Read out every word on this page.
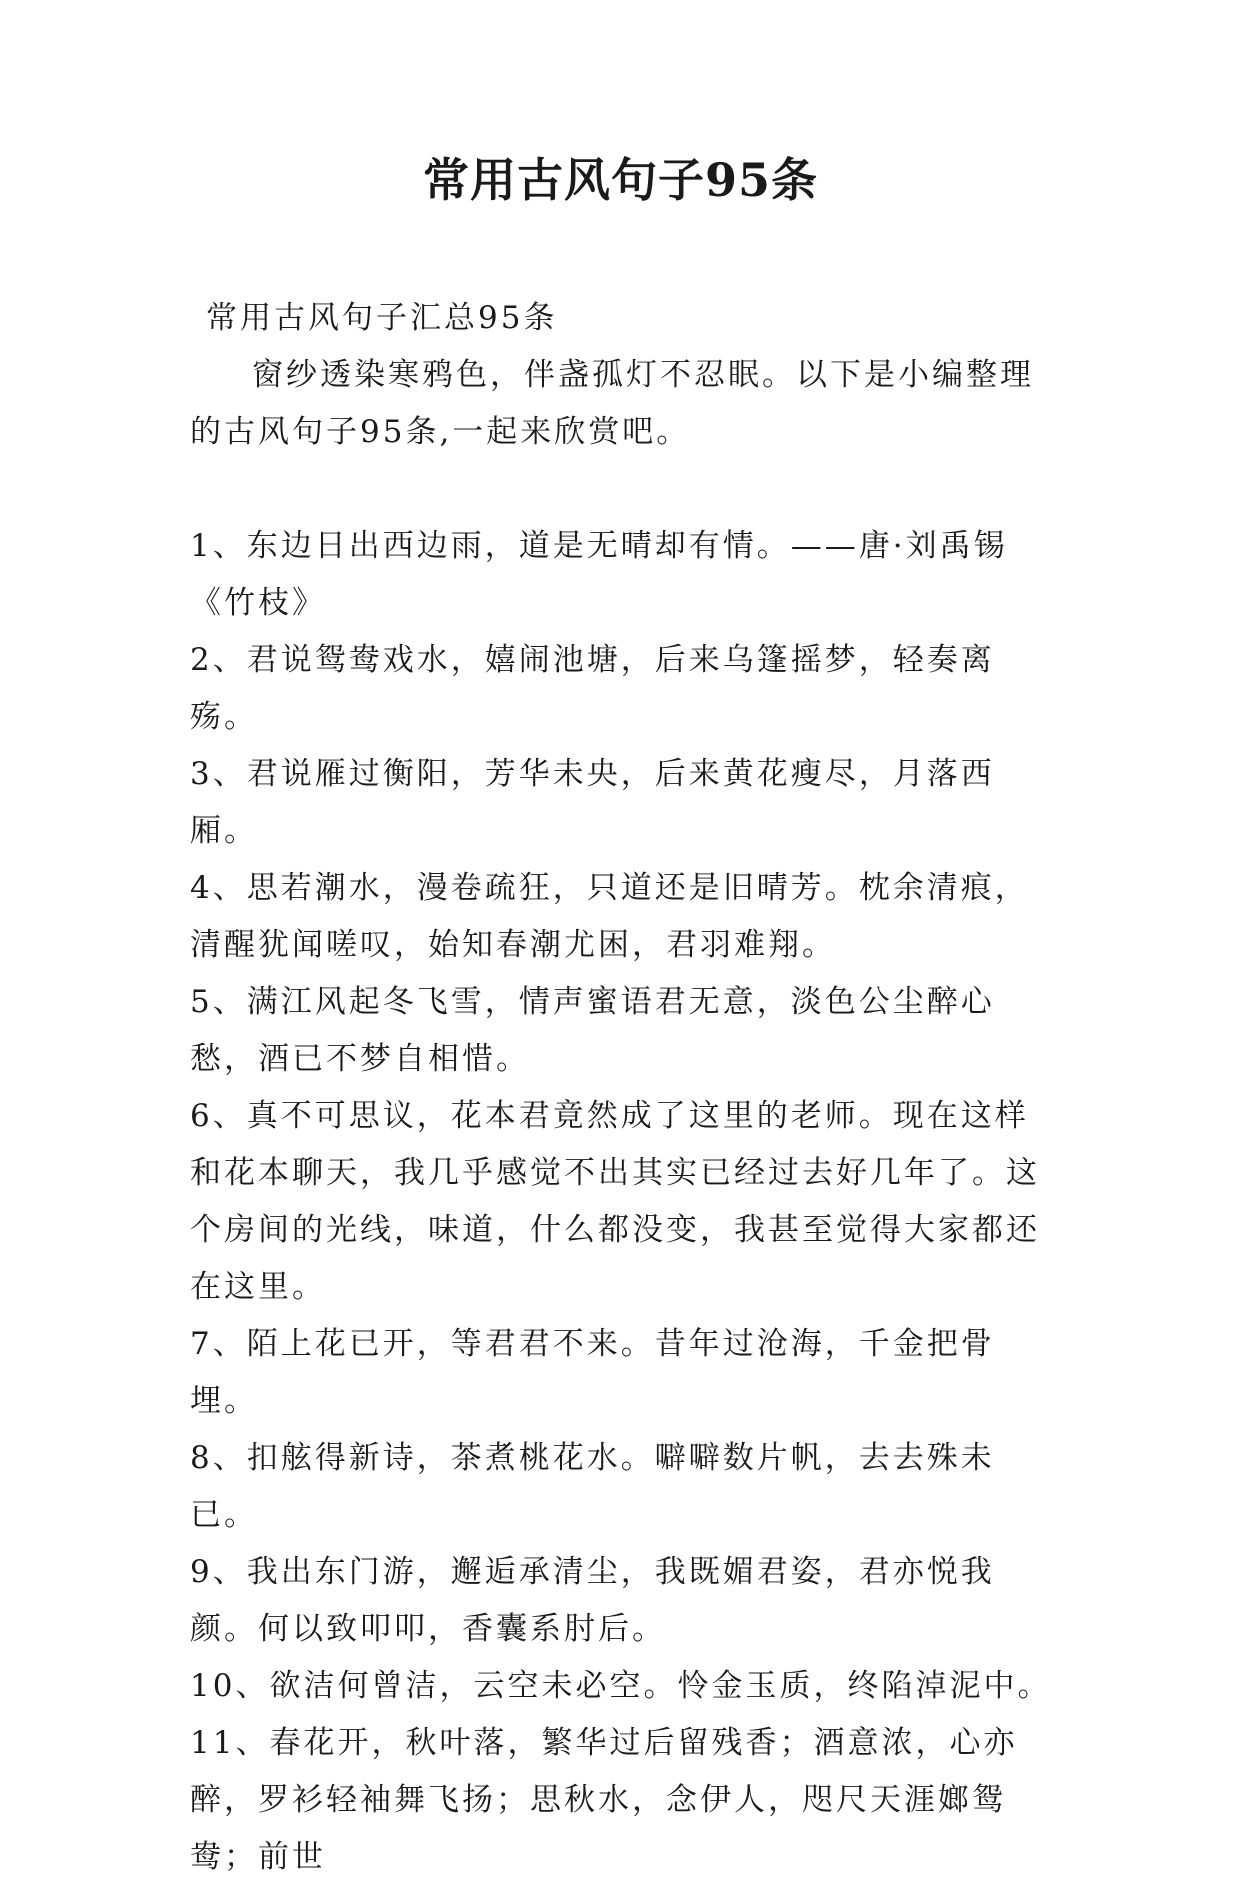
常用古风句子95条

常用古风句子汇总95条

窗纱透染寒鸦色，伴盏孤灯不忍眠。以下是小编整理的古风句子95条,一起来欣赏吧。

1、东边日出西边雨，道是无晴却有情。——唐·刘禹锡《竹枝》

2、君说鸳鸯戏水，嬉闹池塘，后来乌篷摇梦，轻奏离殇。

3、君说雁过衡阳，芳华未央，后来黄花瘦尽，月落西厢。

4、思若潮水，漫卷疏狂，只道还是旧晴芳。枕余清痕，清醒犹闻嗟叹，始知春潮尤困，君羽难翔。

5、满江风起冬飞雪，情声蜜语君无意，淡色公尘醉心愁，酒已不梦自相惜。

6、真不可思议，花本君竟然成了这里的老师。现在这样和花本聊天，我几乎感觉不出其实已经过去好几年了。这个房间的光线，味道，什么都没变，我甚至觉得大家都还在这里。

7、陌上花已开，等君君不来。昔年过沧海，千金把骨埋。

8、扣舷得新诗，茶煮桃花水。噼噼数片帆，去去殊未已。

9、我出东门游，邂逅承清尘，我既媚君姿，君亦悦我颜。何以致叩叩，香囊系肘后。

10、欲洁何曾洁，云空未必空。怜金玉质，终陷淖泥中。

11、春花开，秋叶落，繁华过后留残香；酒意浓，心亦醉，罗衫轻袖舞飞扬；思秋水，念伊人，咫尺天涯嫏鸳鸯；前世
